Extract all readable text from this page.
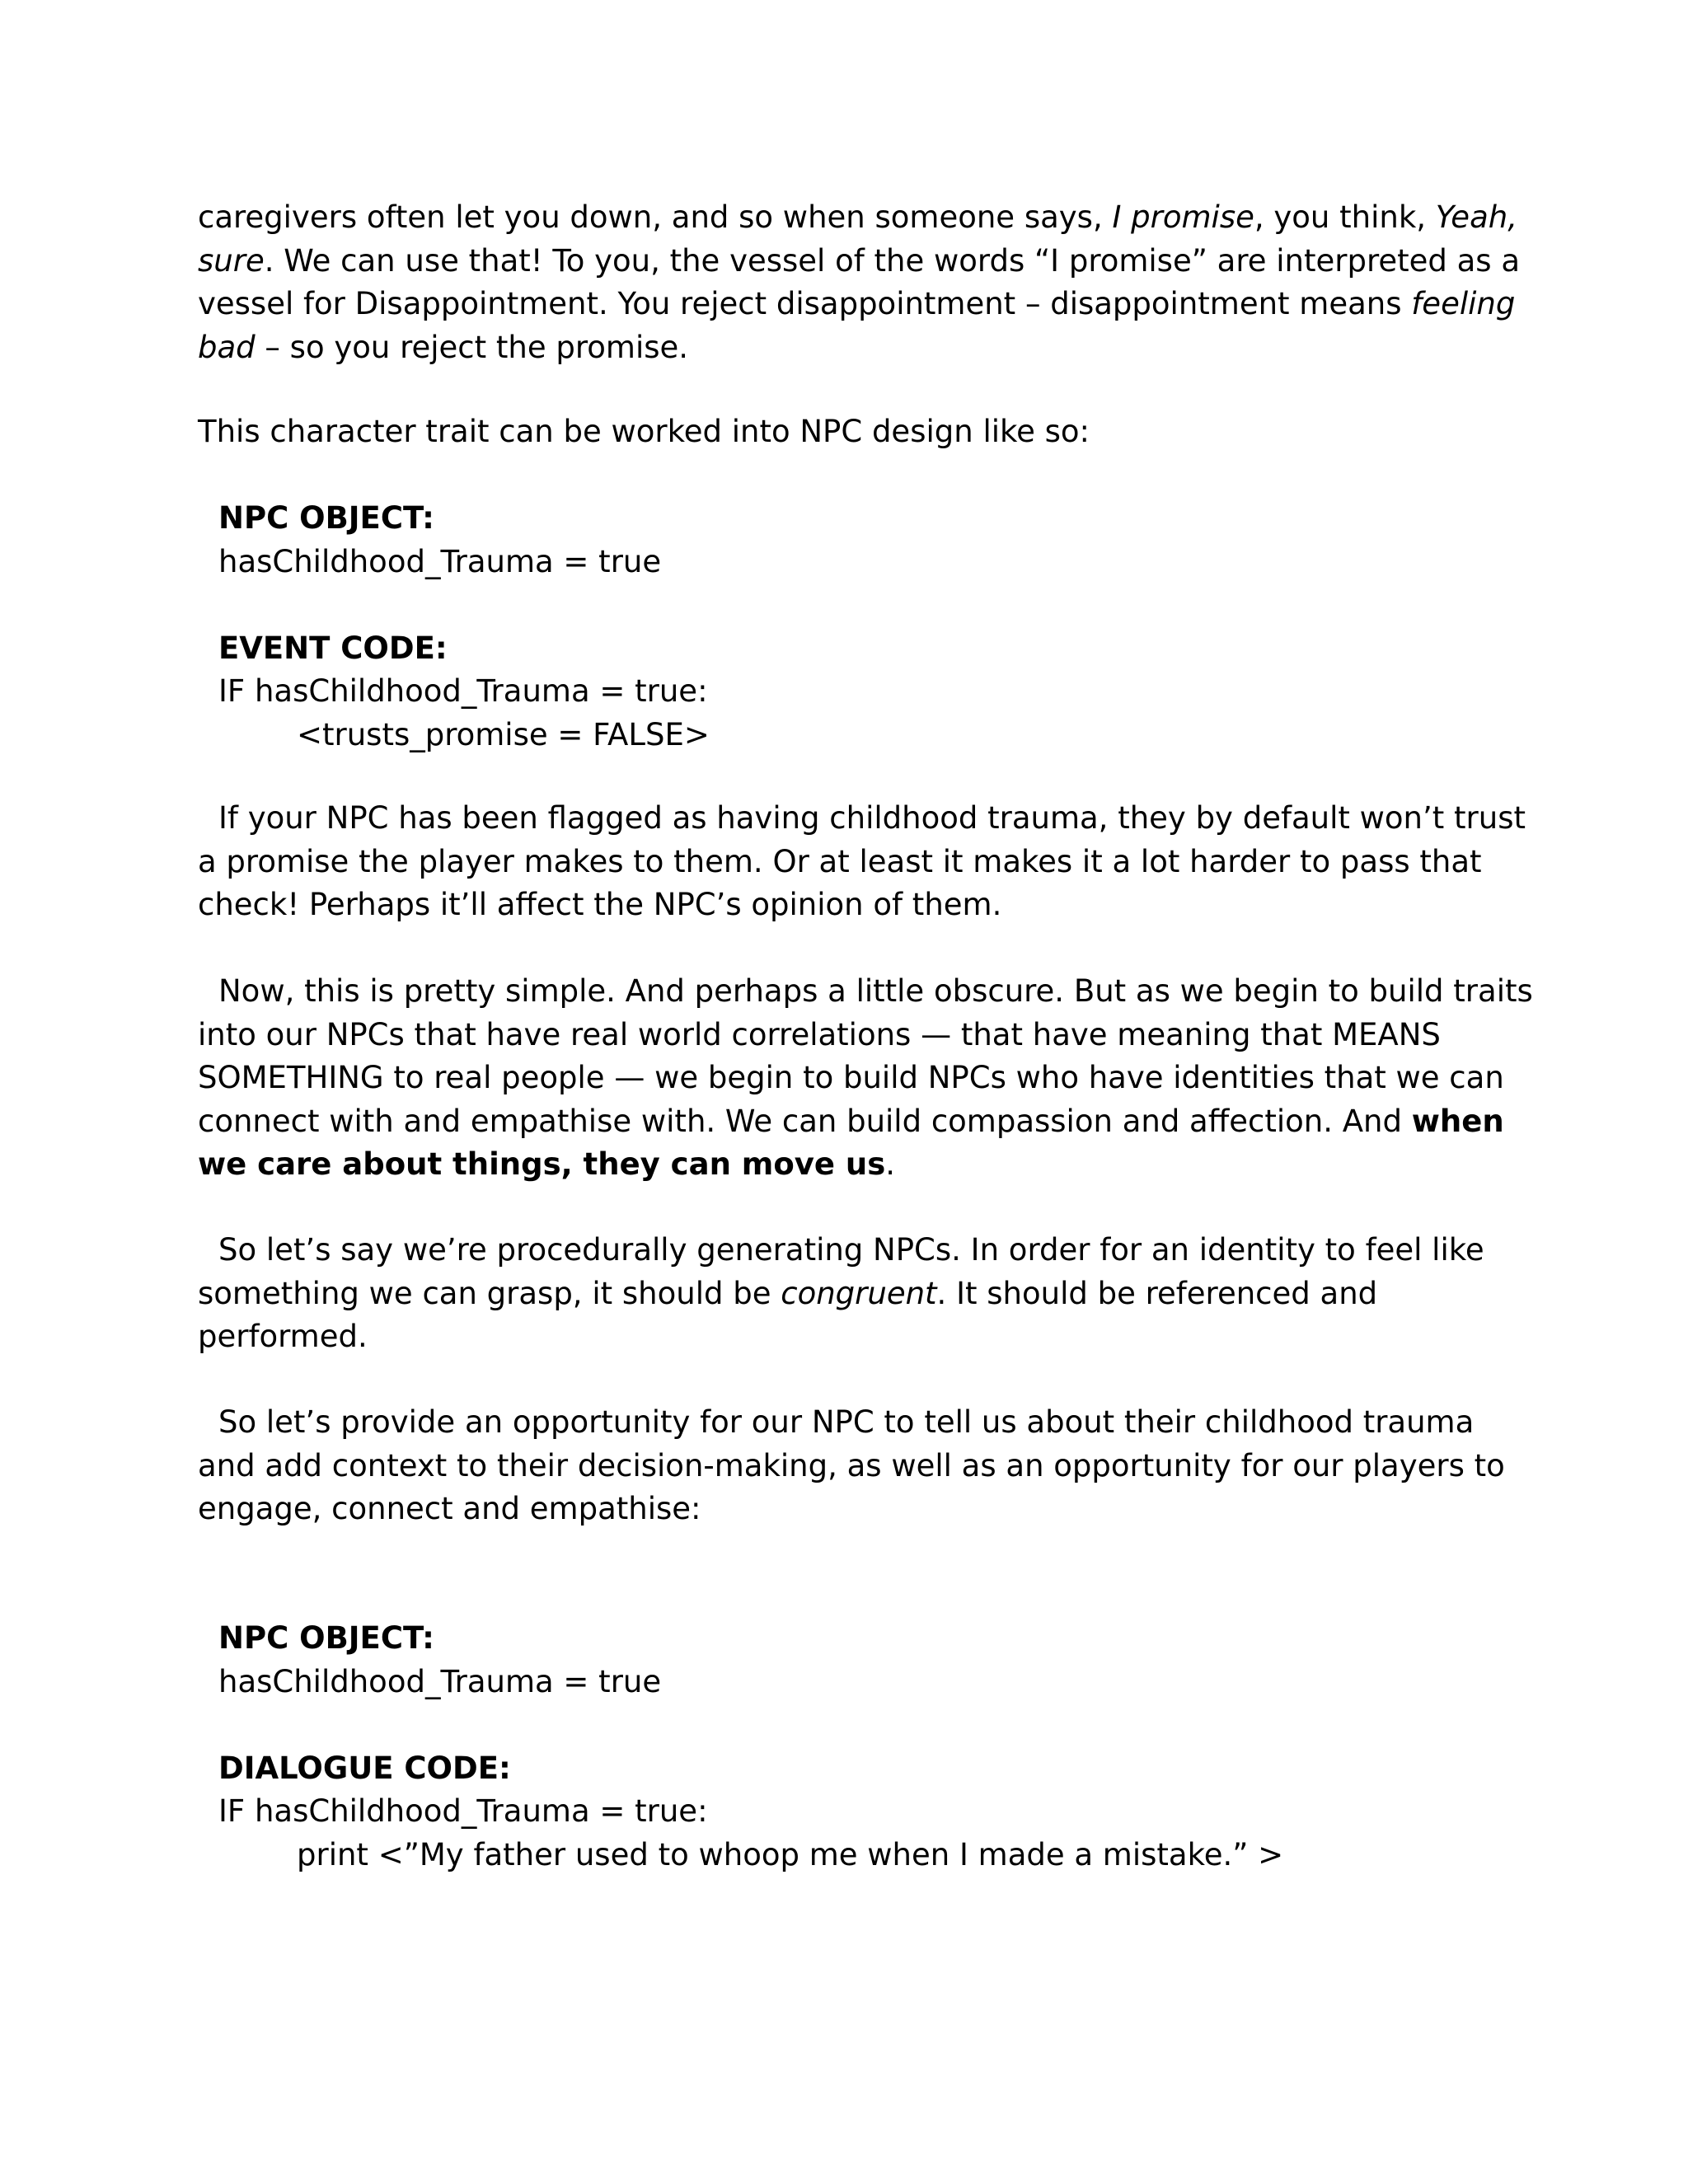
caregivers often let you down, and so when someone says, I promise, you think, Yeah,
sure. We can use that! To you, the vessel of the words “I promise” are interpreted as a
vessel for Disappointment. You reject disappointment – disappointment means feeling
bad – so you reject the promise.
This character trait can be worked into NPC design like so:
NPC OBJECT:
hasChildhood_Trauma = true

EVENT CODE:
IF hasChildhood_Trauma = true:
<trusts_promise = FALSE>
If your NPC has been flagged as having childhood trauma, they by default won’t trust
a promise the player makes to them. Or at least it makes it a lot harder to pass that
check! Perhaps it’ll affect the NPC’s opinion of them.
Now, this is pretty simple. And perhaps a little obscure. But as we begin to build traits
into our NPCs that have real world correlations — that have meaning that MEANS
SOMETHING to real people — we begin to build NPCs who have identities that we can
connect with and empathise with. We can build compassion and affection. And when
we care about things, they can move us.
So let’s say we’re procedurally generating NPCs. In order for an identity to feel like
something we can grasp, it should be congruent. It should be referenced and
performed.
So let’s provide an opportunity for our NPC to tell us about their childhood trauma
and add context to their decision-making, as well as an opportunity for our players to
engage, connect and empathise:
NPC OBJECT:
hasChildhood_Trauma = true

DIALOGUE CODE:
IF hasChildhood_Trauma = true:
print <”My father used to whoop me when I made a mistake.” >
